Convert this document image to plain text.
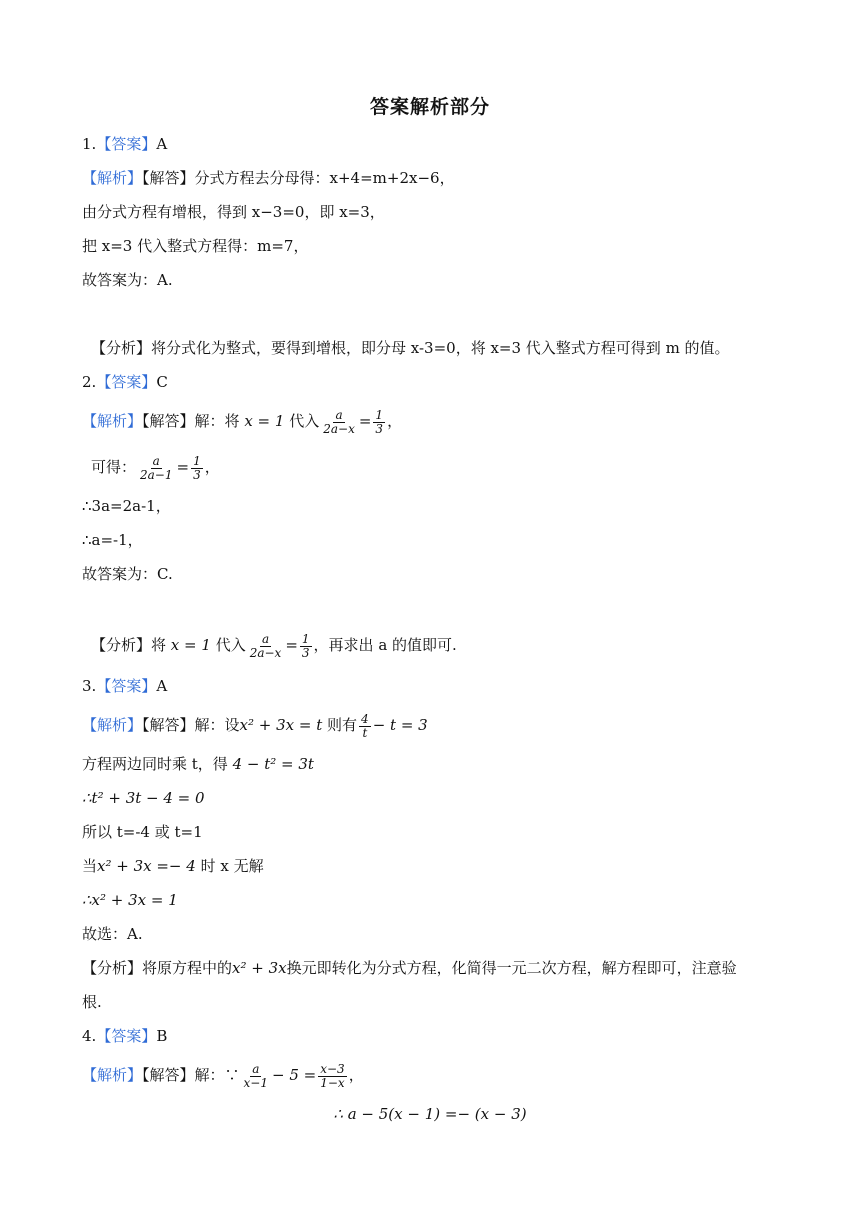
答案解析部分
1.【答案】A
【解析】【解答】分式方程去分母得：x+4=m+2x−6，
由分式方程有增根，得到 x−3=0，即 x=3，
把 x=3 代入整式方程得：m=7，
故答案为：A.
【分析】将分式化为整式，要得到增根，即分母 x-3=0，将 x=3 代入整式方程可得到 m 的值。
2.【答案】C
【解析】【解答】解：将 x = 1 代入 $\frac{a}{2a-x} = \frac{1}{3}$ ，
可得： $\frac{a}{2a-1} = \frac{1}{3}$ ，
∴3a=2a-1，
∴a=-1，
故答案为：C.
【分析】将 x = 1 代入 $\frac{a}{2a-x} = \frac{1}{3}$ ，再求出 a 的值即可.
3.【答案】A
【解析】【解答】解：设x² + 3x = t 则有 $\frac{4}{t} - t = 3$
方程两边同时乘 t，得 4 − t² = 3t
∴t² + 3t − 4 = 0
所以 t=-4 或 t=1
当x² + 3x =− 4 时 x 无解
∴x² + 3x = 1
故选：A.
【分析】将原方程中的x² + 3x换元即转化为分式方程，化简得一元二次方程，解方程即可，注意验
根.
4.【答案】B
【解析】【解答】解：∵ $\frac{a}{x-1} - 5 = \frac{x-3}{1-x}$ ，
∴ a − 5(x − 1) =− (x − 3)
